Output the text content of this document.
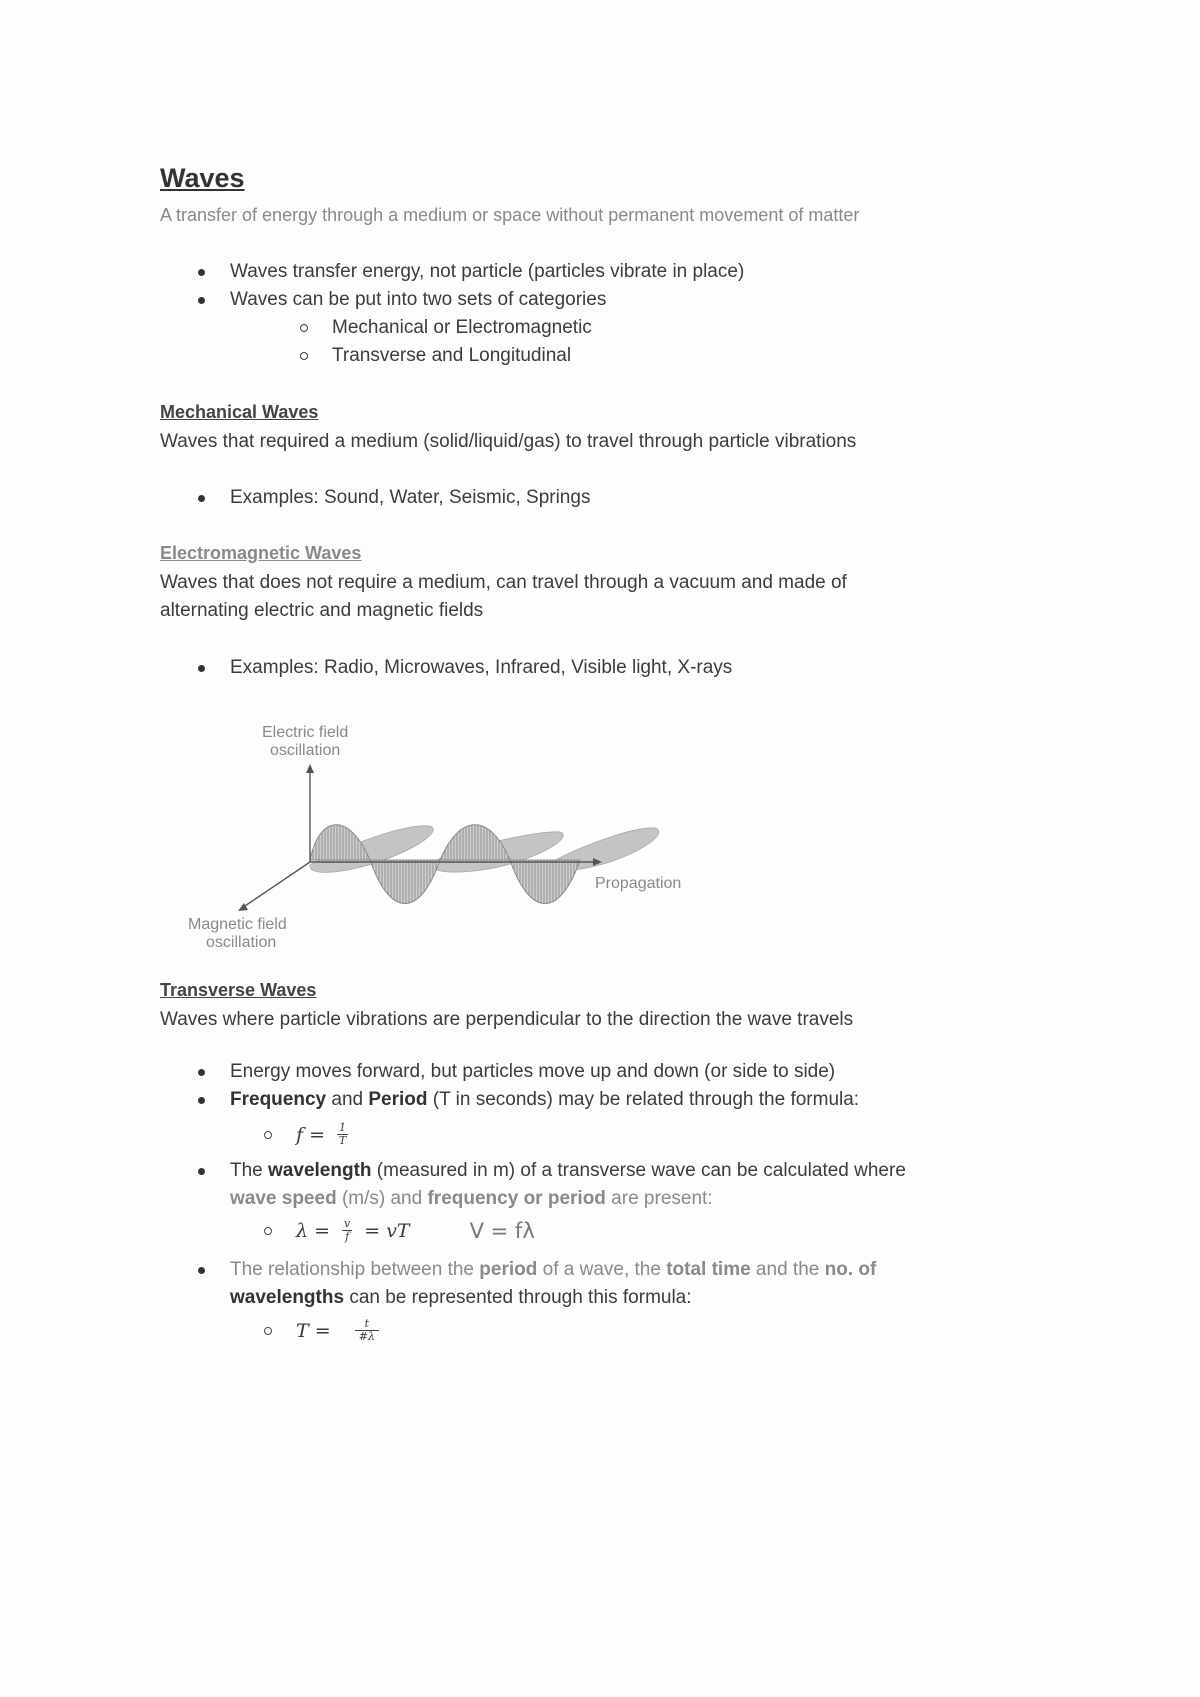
Waves

A transfer of energy through a medium or space without permanent movement of matter

Waves transfer energy, not particle (particles vibrate in place)
Waves can be put into two sets of categories
Mechanical or Electromagnetic
Transverse and Longitudinal
Mechanical Waves

Waves that required a medium (solid/liquid/gas) to travel through particle vibrations

Examples: Sound, Water, Seismic, Springs
Electromagnetic Waves

Waves that does not require a medium, can travel through a vacuum and made of
alternating electric and magnetic fields

Examples: Radio, Microwaves, Infrared, Visible light, X-rays
Electric field
oscillation
Propagation
Magnetic field
oscillation
Transverse Waves

Waves where particle vibrations are perpendicular to the direction the wave travels

Energy moves forward, but particles move up and down (or side to side)
Frequency and Period (T in seconds) may be related through the formula:
$f = \frac{1}{T}$
The wavelength (measured in m) of a transverse wave can be calculated where
wave speed (m/s) and frequency or period are present:
$\lambda = \frac{v}{f}$ = vT	V = fλ
The relationship between the period of a wave, the total time and the no. of
wavelengths can be represented through this formula:
$T = \frac{t}{\#\lambda}$
